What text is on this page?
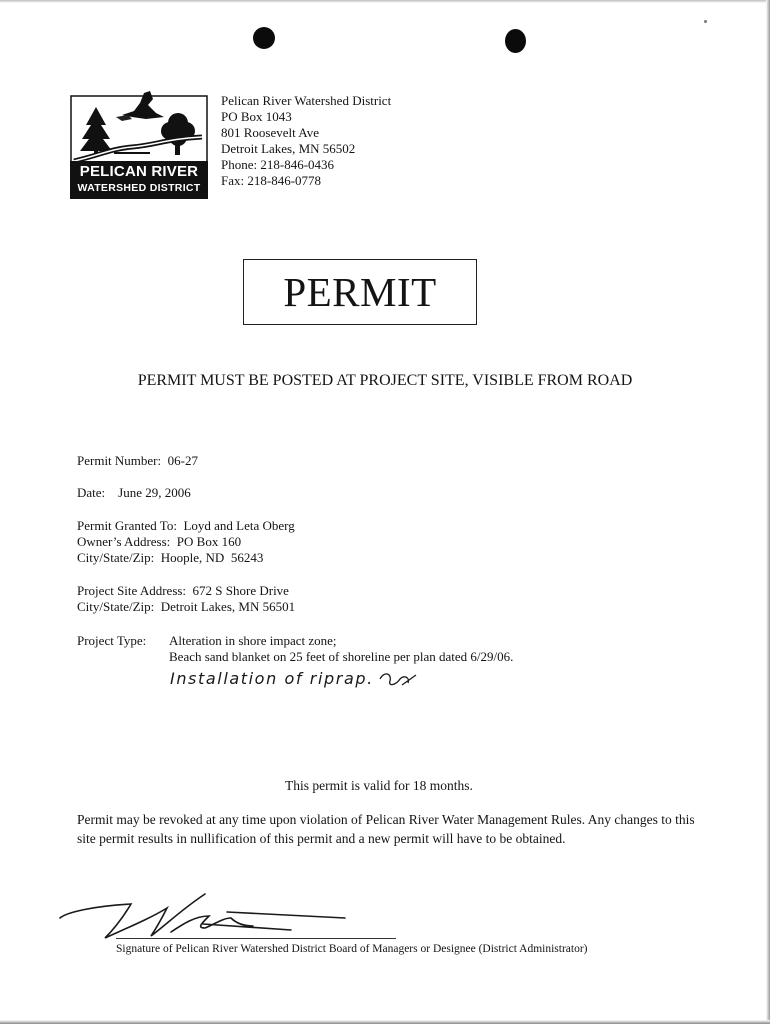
PELICAN RIVER
WATERSHED DISTRICT
Pelican River Watershed District
PO Box 1043
801 Roosevelt Ave
Detroit Lakes, MN 56502
Phone: 218-846-0436
Fax: 218-846-0778
PERMIT
PERMIT MUST BE POSTED AT PROJECT SITE, VISIBLE FROM ROAD
Permit Number:  06-27
Date:    June 29, 2006
Permit Granted To:  Loyd and Leta Oberg
Owner’s Address:  PO Box 160
City/State/Zip:  Hoople, ND  56243
Project Site Address:  672 S Shore Drive
City/State/Zip:  Detroit Lakes, MN 56501
Project Type: Alteration in shore impact zone;
Beach sand blanket on 25 feet of shoreline per plan dated 6/29/06.
Installation of riprap.
This permit is valid for 18 months.
Permit may be revoked at any time upon violation of Pelican River Water Management Rules. Any changes to this site permit results in nullification of this permit and a new permit will have to be obtained.
Signature of Pelican River Watershed District Board of Managers or Designee (District Administrator)
